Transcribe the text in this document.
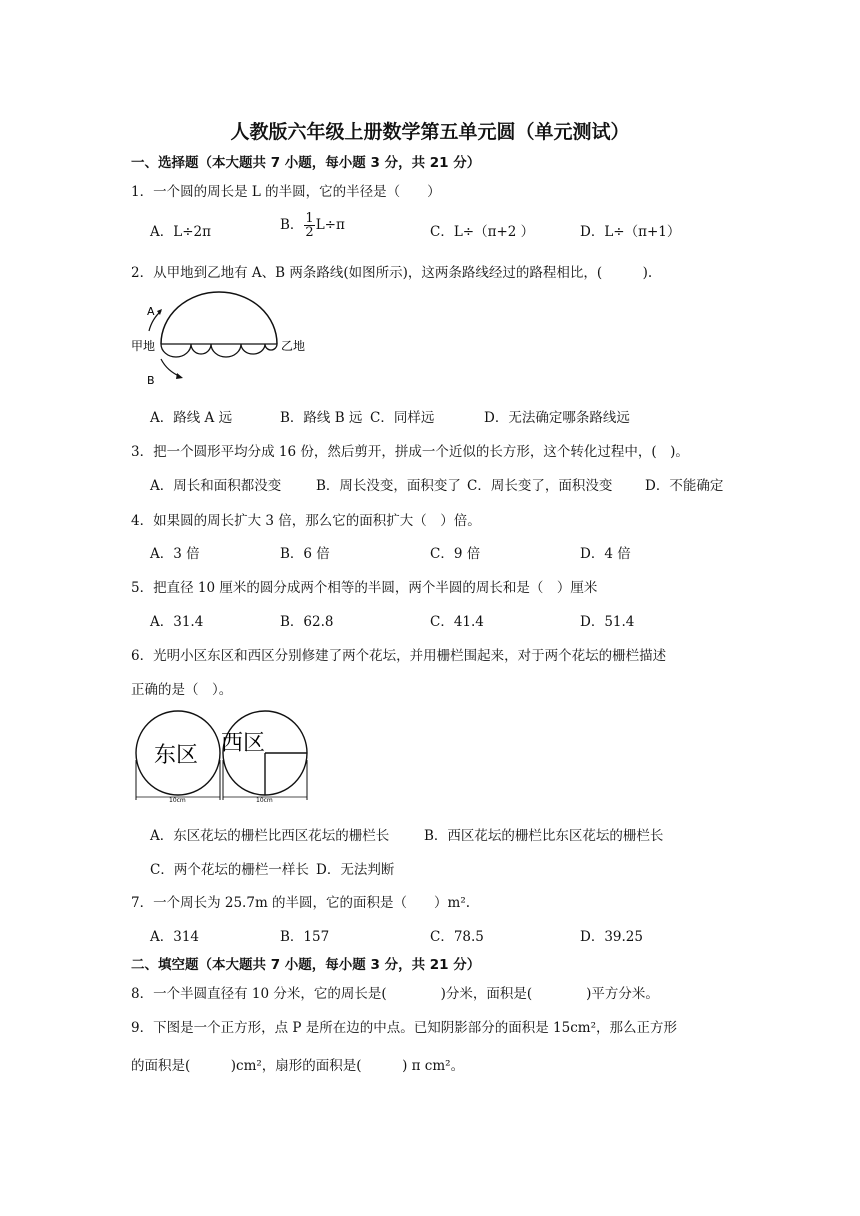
人教版六年级上册数学第五单元圆（单元测试）
一、选择题（本大题共 7 小题，每小题 3 分，共 21 分）
1．一个圆的周长是 L 的半圆，它的半径是（　　）
A．L÷2π	B． $\frac{1}{2} L\div\pi$	C．L÷（π+2 ）	D．L÷（π+1）
2．从甲地到乙地有 A、B 两条路线(如图所示)，这两条路线经过的路程相比，(　　　).
A
B
甲地	乙地
A．路线 A 远	B．路线 B 远 C．同样远	D．无法确定哪条路线远
3．把一个圆形平均分成 16 份，然后剪开，拼成一个近似的长方形，这个转化过程中，(　)。
A．周长和面积都没变	B．周长没变，面积变了 C．周长变了，面积没变 D．不能确定
4．如果圆的周长扩大 3 倍，那么它的面积扩大（　）倍。
A．3 倍	B．6 倍	C．9 倍	D．4 倍
5．把直径 10 厘米的圆分成两个相等的半圆，两个半圆的周长和是（　）厘米
A．31.4	B．62.8	C．41.4	D．51.4
6．光明小区东区和西区分别修建了两个花坛，并用栅栏围起来，对于两个花坛的栅栏描述
正确的是（　）。
东区 西区
10cm	10cm
A．东区花坛的栅栏比西区花坛的栅栏长	B．西区花坛的栅栏比东区花坛的栅栏长
C．两个花坛的栅栏一样长 D．无法判断
7．一个周长为 25.7m 的半圆，它的面积是（　　）m².
A．314	B．157	C．78.5	D．39.25
二、填空题（本大题共 7 小题，每小题 3 分，共 21 分）
8．一个半圆直径有 10 分米，它的周长是(　　　　)分米，面积是(　　　　)平方分米。
9．下图是一个正方形，点 P 是所在边的中点。已知阴影部分的面积是 15cm²，那么正方形
的面积是(　　　)cm²，扇形的面积是(　　　) π cm²。
